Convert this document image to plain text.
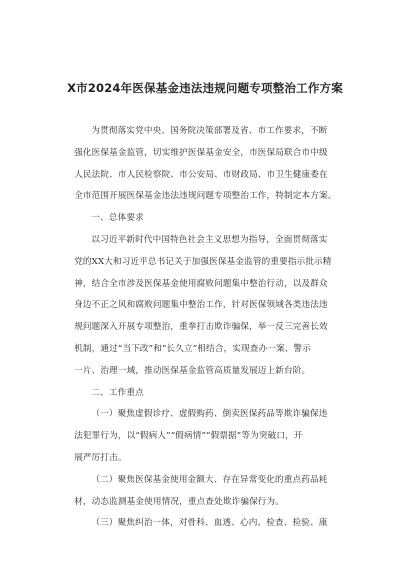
X市2024年医保基金违法违规问题专项整治工作方案
为贯彻落实党中央、国务院决策部署及省、市工作要求，不断
强化医保基金监管，切实维护医保基金安全，市医保局联合市中级
人民法院、市人民检察院、市公安局、市财政局、市卫生健康委在
全市范围开展医保基金违法违规问题专项整治工作，特制定本方案。
一、总体要求
以习近平新时代中国特色社会主义思想为指导，全面贯彻落实
党的XX大和习近平总书记关于加强医保基金监管的重要指示批示精
神，结合全市涉及医保基金使用腐败问题集中整治行动，以及群众
身边不正之风和腐败问题集中整治工作，针对医保领域各类违法违
规问题深入开展专项整治，重拳打击欺诈骗保，举一反三完善长效
机制，通过“当下改”和“长久立”相结合，实现查办一案、警示
一片、治理一域，推动医保基金监管高质量发展迈上新台阶。
二、工作重点
（一）聚焦虚假诊疗、虚假购药、倒卖医保药品等欺诈骗保违
法犯罪行为，以“假病人”“假病情”“假票据”等为突破口，开
展严厉打击。
（二）聚焦医保基金使用金额大、存在异常变化的重点药品耗
材，动态监测基金使用情况，重点查处欺诈骗保行为。
（三）聚焦纠治一体，对骨科、血透、心内、检查、检验、康
